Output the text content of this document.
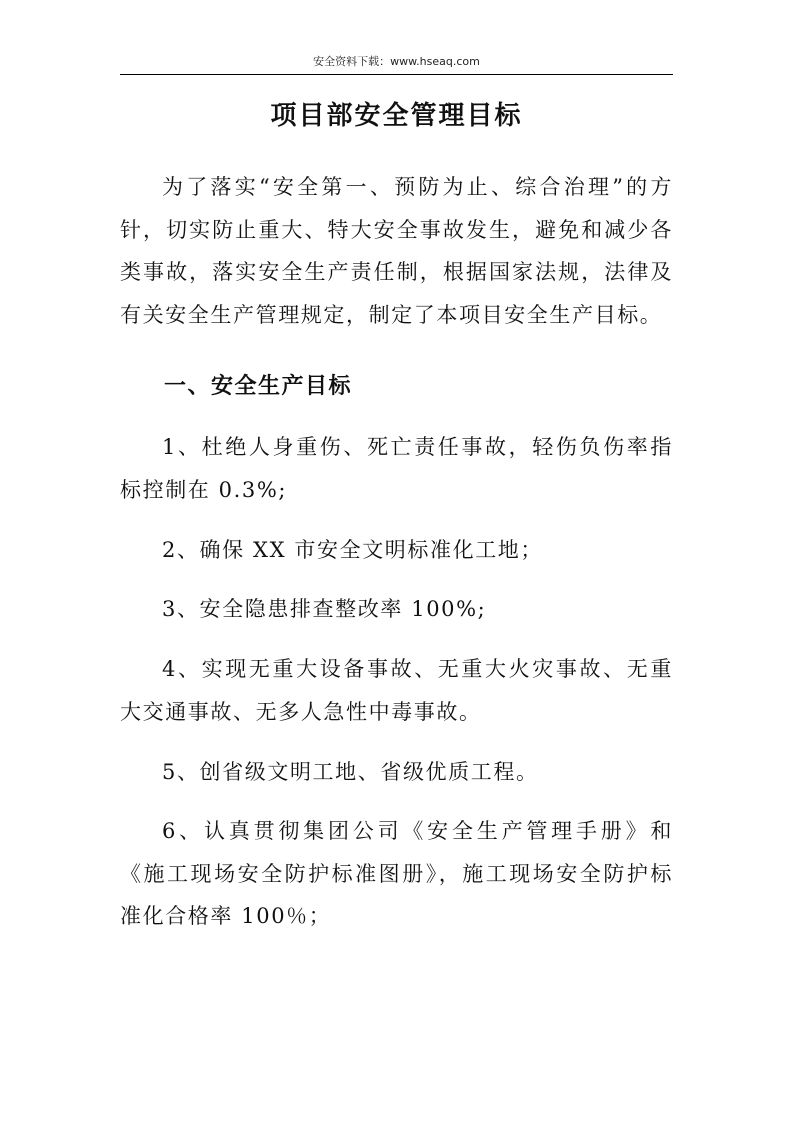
安全资料下载：www.hseaq.com
项目部安全管理目标

为了落实“安全第一、预防为止、综合治理”的方针，切实防止重大、特大安全事故发生，避免和减少各类事故，落实安全生产责任制，根据国家法规，法律及有关安全生产管理规定，制定了本项目安全生产目标。

一、安全生产目标

1、杜绝人身重伤、死亡责任事故，轻伤负伤率指标控制在 0.3%;

2、确保 XX 市安全文明标准化工地；

3、安全隐患排查整改率 100%;

4、实现无重大设备事故、无重大火灾事故、无重大交通事故、无多人急性中毒事故。

5、创省级文明工地、省级优质工程。

6、认真贯彻集团公司《安全生产管理手册》和《施工现场安全防护标准图册》，施工现场安全防护标准化合格率 100％；
